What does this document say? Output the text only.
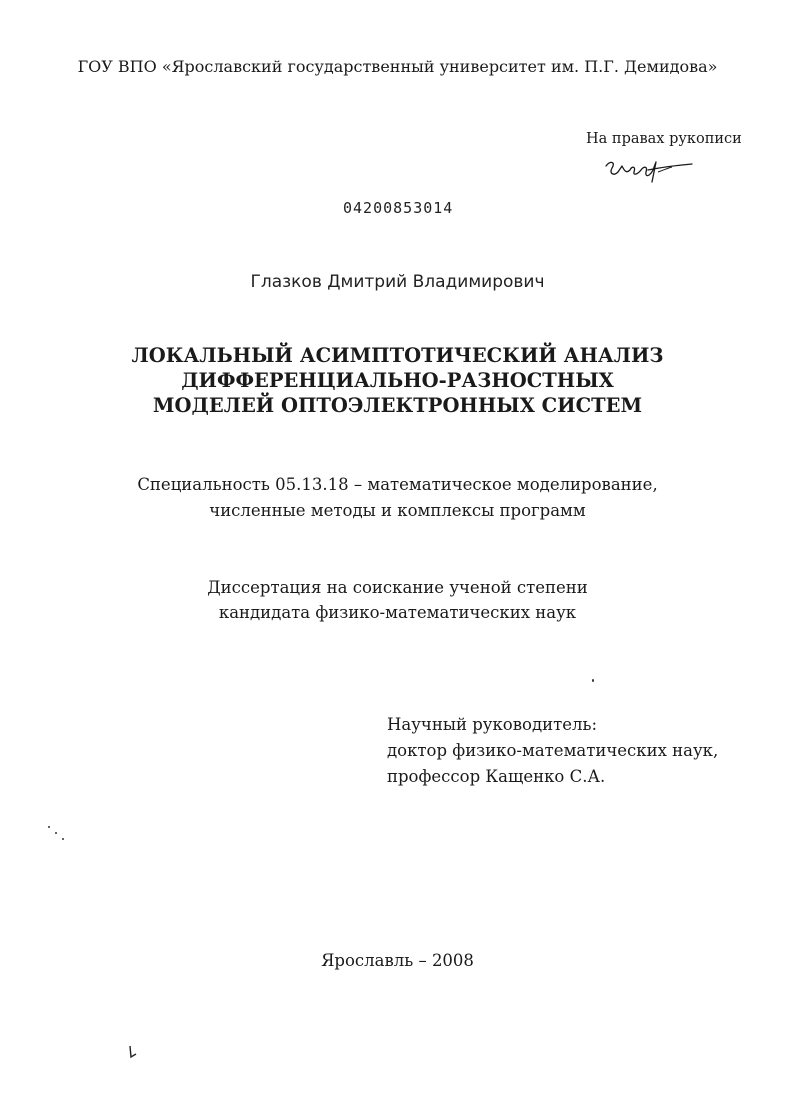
ГОУ ВПО «Ярославский государственный университет им. П.Г. Демидова»
На правах рукописи
04200853014
Глазков Дмитрий Владимирович
ЛОКАЛЬНЫЙ АСИМПТОТИЧЕСКИЙ АНАЛИЗ
ДИФФЕРЕНЦИАЛЬНО-РАЗНОСТНЫХ
МОДЕЛЕЙ ОПТОЭЛЕКТРОННЫХ СИСТЕМ
Специальность 05.13.18 – математическое моделирование,
численные методы и комплексы программ
Диссертация на соискание ученой степени
кандидата физико-математических наук
Научный руководитель:
доктор физико-математических наук,
профессор Кащенко С.А.
Ярославль – 2008
